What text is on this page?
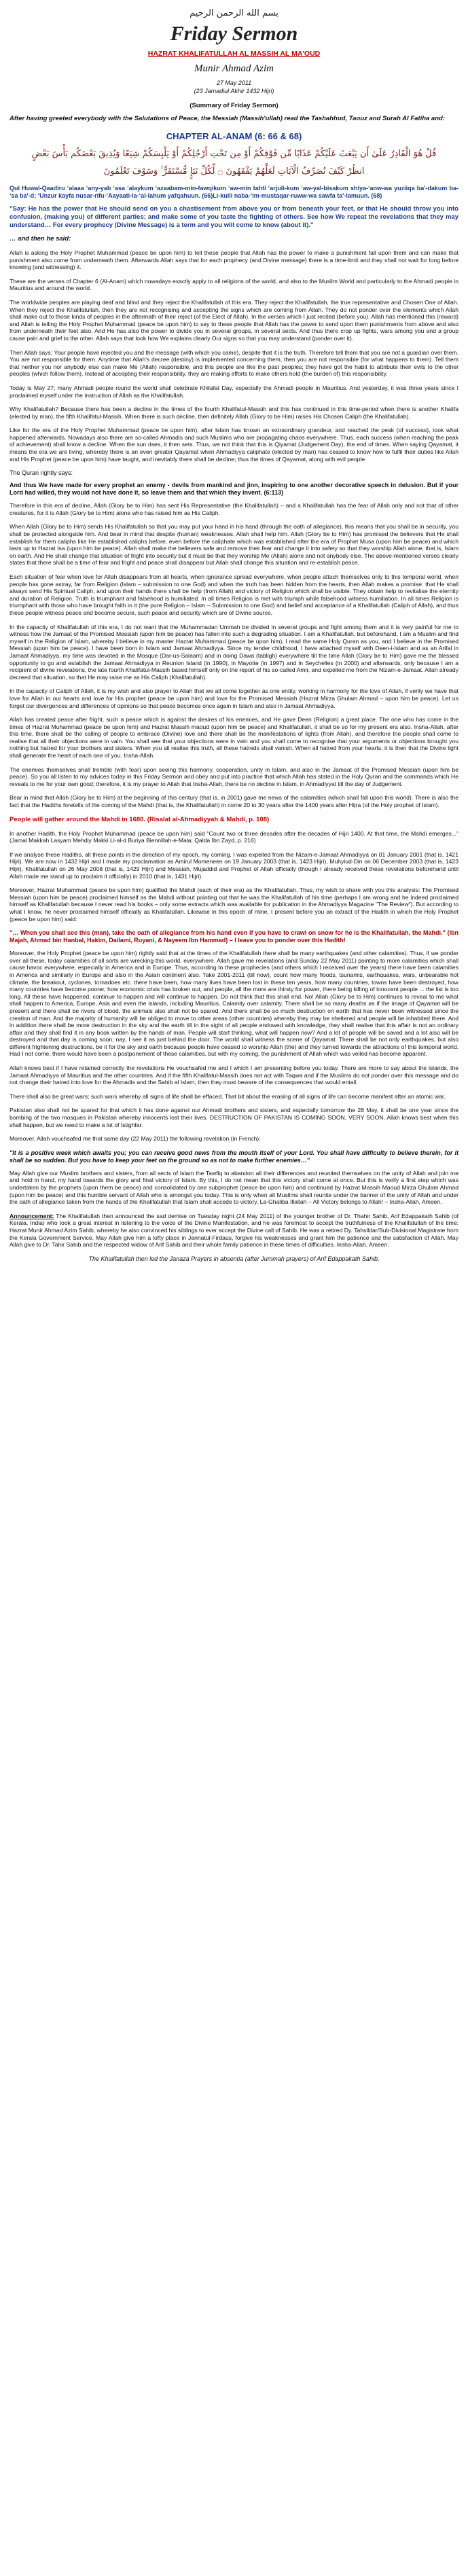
بسم الله الرحمن الرحيم
Friday Sermon
HAZRAT KHALIFATULLAH AL MASSIH AL MA'OUD
Munir Ahmad Azim
27 May 2011
(23 Jamadiul Akhir 1432 Hijri)
(Summary of Friday Sermon)
After having greeted everybody with the Salutations of Peace, the Messiah (Massih'ullah) read the Tashahhud, Taouz and Surah Al Fatiha and:
CHAPTER AL-ANAM (6: 66 & 68)
قُلْ هُوَ الْقَادِرُ عَلَىٰ أَن يَبْعَثَ عَلَيْكُمْ عَذَابًا مِّن فَوْقِكُمْ أَوْ مِن تَحْتِ أَرْجُلِكُمْ أَوْ يَلْبِسَكُمْ شِيَعًا وَيُذِيقَ بَعْضَكُم بَأْسَ بَعْضٍ
انظُرْ كَيْفَ نُصَرِّفُ الْآيَاتِ لَعَلَّهُمْ يَفْقَهُونَ ۝ لِّكُلِّ نَبَإٍ مُّسْتَقَرٌّ ۚ وَسَوْفَ تَعْلَمُونَ
Qul Huwal-Qaadiru ʻalaaa ʻany-yab ʻasa ʻalaykum ʻazaabam-min-fawqikum ʻaw-min tahti ʻarjuli-kum ʻaw-yal-bisakum shiya-ʻanw-wa yuziiqa ba'-dakum ba-ʻsa ba'-d; ʻUnzur kayfa nusar-rifu-ʻAayaati-la-ʻal-lahum yafqahuun. (66)Li-kulli naba-ʻim-mustaqar-ruww-wa sawfa ta'-lamuun. (68)
"Say: He has the power that He should send on you a chastisement from above you or from beneath your feet, or that He should throw you into confusion, (making you) of different parties; and make some of you taste the fighting of others. See how We repeat the revelations that they may understand… For every prophecy (Divine Message) is a term and you will come to know (about it)."
… and then he said:

Allah is asking the Holy Prophet Muhammad (peace be upon him) to tell these people that Allah has the power to make a punishment fall upon them and can make that punishment also come from underneath them. Afterwards Allah says that for each prophecy (and Divine message) there is a time-limit and they shall not wait for long before knowing (and witnessing) it.

These are the verses of Chapter 6 (Al-Anam) which nowadays exactly apply to all religions of the world, and also to the Muslim World and particularly to the Ahmadi people in Mauritius and around the world.

The worldwide peoples are playing deaf and blind and they reject the Khalifatullah of this era. They reject the Khalifatullah, the true representative and Chosen One of Allah. When they reject the Khalifatullah, then they are not recognising and accepting the signs which are coming from Allah. They do not ponder over the elements which Allah shall make out to those kinds of peoples in the aftermath of their reject (of the Elect of Allah). In the verses which I just recited (before you), Allah has mentioned this (reward) and Allah is telling the Holy Prophet Muhammad (peace be upon him) to say to these people that Allah has the power to send upon them punishments from above and also from underneath their feet also. And He has also the power to divide you in several groups, in several sects. And thus there crop up fights, wars among you and a group cause pain and grief to the other. Allah says that look how We explains clearly Our signs so that you may understand (ponder over it).

Then Allah says: Your people have rejected you and the message (with which you came), despite that it is the truth. Therefore tell them that you are not a guardian over them. You are not responsible for them. Anytime that Allah's decree (destiny) is implemented concerning them, then you are not responsible (for what happens to them). Tell them that neither you nor anybody else can make Me (Allah) responsible; and this people are like the past peoples; they have got the habit to attribute their evils to the other peoples (which follow them). Instead of accepting their responsibility, they are making efforts to make others hold (the burden of) this responsibility.

Today is May 27; many Ahmadi people round the world shall celebrate Khilafat Day, especially the Ahmadi people in Mauritius. And yesterday, it was three years since I proclaimed myself under the instruction of Allah as the Khalifatullah.

Why Khalifatullah? Because there has been a decline in the times of the fourth Khalifatul-Massih and this has continued in this time-period when there is another Khalifa (elected by man), the fifth Khalifatul-Massih. When there is such decline, then definitely Allah (Glory to be Him) raises His Chosen Caliph (the Khalifatullah).

Like for the era of the Holy Prophet Muhammad (peace be upon him), after Islam has known an extraordinary grandeur, and reached the peak (of success), took what happened afterwards. Nowadays also there are so-called Ahmadis and such Muslims who are propagating chaos everywhere. Thus, each success (when reaching the peak of achievement) shall know a decline. When the sun rises, it then sets. Thus, we not think that this is Qiyamat (Judgement Day), the end of times. When saying Qayamat, it means the era we are living, whereby there is an even greater Qayamat when Ahmadiyya caliphate (elected by man) has ceased to know how to fulfil their duties like Allah and His Prophet (peace be upon him) have taught, and inevitably there shall be decline; thus the times of Qayamat, along with evil people.

The Quran rightly says:
And thus We have made for every prophet an enemy - devils from mankind and jinn, inspiring to one another decorative speech in delusion. But if your Lord had willed, they would not have done it, so leave them and that which they invent. (6:113)

Therefore in this era of decline, Allah (Glory be to Him) has sent His Representative (the Khalifatullah) – and a Khalifatullah has the fear of Allah only and not that of other creatures, for it is Allah (Glory be to Him) alone who has raised him as His Caliph.

When Allah (Glory be to Him) sends His Khalifatullah so that you may put your hand in his hand (through the oath of allegiance), this means that you shall be in security, you shall be protected alongside him. And bear in mind that despite (human) weaknesses, Allah shall help him. Allah (Glory be to Him) has promised the believers that He shall establish for them caliphs like He established caliphs before, even before the caliphate which was established after the era of Prophet Musa (upon him be peace) and which lasts up to Hazrat Isa (upon him be peace). Allah shall make the believers safe and remove their fear and change it into safety so that they worship Allah alone, that is, Islam on earth. And He shall change that situation of fright into security but it must be that they worship Me (Allah) alone and not anybody else. The above-mentioned verses clearly states that there shall be a time of fear and fright and peace shall disappear but Allah shall change this situation and re-establish peace.

Each situation of fear when love for Allah disappears from all hearts, when ignorance spread everywhere, when people attach themselves only to this temporal world, when people has gone astray, far from Religion (Islam – submission to one God) and when the truth has been hidden from the hearts, then Allah makes a promise: that He shall always send His Spiritual Caliph, and upon their hands there shall be help (from Allah) and victory of Religion which shall be visible. They obtain help to revitalise the eternity and duration of Religion. Truth is triumphant and falsehood is humiliated. In all times Religion is met with triumph while falsehood witness humiliation. In all times Religion is triumphant with those who have brought faith in it (the pure Religion – Islam – Submission to one God) and belief and acceptance of a Khalifatullah (Caliph of Allah), and thus these people witness peace and become secure, such peace and security which are of Divine source.

In the capacity of Khalifatullah of this era, I do not want that the Muhammadan Ummah be divided in several groups and fight among them and it is very painful for me to witness how the Jamaat of the Promised Messiah (upon him be peace) has fallen into such a degrading situation. I am a Khalifatullah, but beforehand, I am a Muslim and find myself in the Religion of Islam, whereby I believe in my master Hazrat Muhammad (peace be upon him), I read the same Holy Quran as you, and I believe in the Promised Messiah (upon him be peace). I have been born in Islam and Jamaat Ahmadiyya. Since my tender childhood, I have attached myself with Deen-i-Islam and as an Arifal in Jamaat Ahmadiyya, my time was devoted in the Mosque (Dar-us-Salaam) and in doing Dawa (tabligh) everywhere till the time Allah (Glory be to Him) gave me the blessed opportunity to go and establish the Jamaat Ahmadiyya in Reunion Island (in 1990), in Mayotte (in 1997) and in Seychelles (in 2000) and afterwards, only because I am a recipient of divine revelations, the late fourth Khalifatul-Massih based himself only on the report of his so-called Amir, and expelled me from the Nizam-e-Jamaat. Allah already decreed that situation, so that He may raise me as His Caliph (Khalifatullah).

In the capacity of Caliph of Allah, it is my wish and also prayer to Allah that we all come together as one entity, working in harmony for the love of Allah, if verily we have that love for Allah in our hearts and love for His prophet (peace be upon him) and love for the Promised Messiah (Hazrat Mirza Ghulam Ahmad – upon him be peace). Let us forget our divergences and differences of opinions so that peace becomes once again in Islam and also in Jamaat Ahmadiyya.

Allah has created peace after fright, such a peace which is against the desires of his enemies, and He gave Deen (Religion) a great place. The one who has come in the times of Hazrat Muhammad (peace be upon him) and Hazrat Massih maoud (upon him be peace) and Khalifatullah, it shall be so for my present era also. Insha-Allah, after this time, there shall be the calling of people to embrace (Divine) love and there shall be the manifestations of lights (from Allah), and therefore the people shall come to realise that all their objections were in vain. You shall see that your objections were in vain and you shall come to recognise that your arguments or objections brought you nothing but hatred for your brothers and sisters. When you all realise this truth, all these hatreds shall vanish. When all hatred from your hearts, it is then that the Divine light shall generate the heart of each one of you. Insha-Allah.

The enemies themselves shall tremble (with fear) upon seeing this harmony, cooperation, unity in Islam, and also in the Jamaat of the Promised Messiah (upon him be peace). So you all listen to my advices today in this Friday Sermon and obey and put into practice that which Allah has stated in the Holy Quran and the commands which He reveals to me for your own good; therefore, it is my prayer to Allah that Insha-Allah, there be no decline in Islam, in Ahmadiyyat till the day of Judgement.

Bear in mind that Allah (Glory be to Him) at the beginning of this century (that is, in 2001) gave me news of the calamities (which shall fall upon this world). There is also the fact that the Hadiths foretells of the coming of the Mahdi (that is, the Khalifatullah) in come 20 to 30 years after the 1400 years after Hijra (of the Holy prophet of Islam).

People will gather around the Mahdi in 1680. (Risalat al-Ahmadiyyah & Mahdi, p. 108)

In another Hadith, the Holy Prophet Muhammad (peace be upon him) said "Count two or three decades after the decades of Hijri 1400. At that time, the Mahdi emerges..." (Jamal Makkah Lasyam Mehdiy Makki Li-al-d Buriya Biennillah-e-Mala; Qalda Ibn Zayd, p. 216)

If we analyse these Hadiths, all these points in the direction of my epoch, my coming. I was expelled from the Nizam-e-Jamaat Ahmadiyya on 01 January 2001 (that is, 1421 Hijri). We are now in 1432 Hijri and I made my proclamation as Amirul Momeneen on 19 January 2003 (that is, 1423 Hijri), Muhyiud-Din on 06 December 2003 (that is, 1423 Hijri), Khalifatullah on 26 May 2008 (that is, 1429 Hijri) and Messiah, Mujaddid and Prophet of Allah officially (though I already received these revelations beforehand until Allah made me stand up to proclaim it officially) in 2010 (that is, 1431 Hijri).

Moreover, Hazrat Muhammad (peace be upon him) qualified the Mahdi (each of their era) as the Khalifatullah. Thus, my wish to share with you this analysis: The Promised Messiah (upon him be peace) proclaimed himself as the Mahdi without pointing out that he was the Khalifatullah of his time (perhaps I am wrong and he indeed proclaimed himself as Khalifatullah because I never read his books – only some extracts which was available for publication in the Ahmadiyya Magazine "The Review"). But according to what I know, he never proclaimed himself officially as Khalifatullah. Likewise in this epoch of mine, I present before you an extract of the Hadith in which the Holy Prophet (peace be upon him) said:

"… When you shall see this (man), take the oath of allegiance from his hand even if you have to crawl on snow for he is the Khalifatullah, the Mahdi." (Ibn Majah, Ahmad bin Hanbal, Hakim, Dailami, Ruyani, & Nayeem Ibn Hammad) – I leave you to ponder over this Hadith!

Moreover, the Holy Prophet (peace be upon him) rightly said that at the times of the Khalifatullah there shall be many earthquakes (and other calamities). Thus, if we ponder over all these, today calamities of all sorts are wrecking this world, everywhere. Allah gave me revelations (and Sunday 22 May 2011) pointing to more calamities which shall cause havoc everywhere, especially in America and in Europe. Thus, according to these prophecies (and others which I received over the years) there have been calamities in America and similarly in Europe and also in the Asian continent also. Take 2001-2011 (till now), count how many floods, tsunamis, earthquakes, wars, unbearable hot climate, the breakout, cyclones, tornadoes etc. there have been, how many lives have been lost in these ten years, how many countries, towns have been destroyed, how many countries have become poorer, how economic crisis has broken out, and people, all the more are thirsty for power, there being killing of innocent people ... the list is too long. All these have happened, continue to happen and will continue to happen. Do not think that this shall end. No! Allah (Glory be to Him) continues to reveal to me what shall happen to America, Europe, Asia and even the islands, including Mauritius. Calamity over calamity. There shall be so many deaths as if the image of Qayamat will be present and there shall be rivers of blood, the animals also shall not be spared. And there shall be so much destruction on earth that has never been witnessed since the creation of man. And the majority of humanity will be obliged to move to other areas (other countries) whereby they may be sheltered and people will be inhabited there. And in addition there shall be more destruction in the sky and the earth till in the sight of all people endowed with knowledge, they shall realise that this affair is not an ordinary affair and they shall find it in any book written by the hands of man. People will start thinking, what will happen now? And a lot of people will be saved and a lot also will be destroyed and that day is coming soon; nay, I see it as just behind the door. The world shall witness the scene of Qayamat. There shall be not only earthquakes, but also different frightening destructions, be it for the sky and earth because people have ceased to worship Allah (the) and they turned towards the attractions of this temporal world. Had I not come, there would have been a postponement of these calamities, but with my coming, the punishment of Allah which was veiled has become apparent.

Allah knows best if I have retained correctly the revelations He vouchsafed me and I which I am presenting before you today. There are more to say about the islands, the Jamaat Ahmadiyya of Mauritius and the other countries. And if the fifth Khalifatul-Massih does not act with Taqwa and if the Muslims do not ponder over this message and do not change their hatred into love for the Ahmadis and the Sahib al Islam, then they must beware of the consequences that would entail.

There shall also be great wars; such wars whereby all signs of life shall be effaced. That bit about the erasing of all signs of life can become manifest after an atomic war.

Pakistan also shall not be spared for that which it has done against our Ahmadi brothers and sisters, and especially tomorrow the 28 May, it shall be one year since the bombing of the two mosques in Pakistan whereby innocents lost their lives. DESTRUCTION OF PAKISTAN IS COMING SOON, VERY SOON. Allah knows best when this shall happen, but we need to make a lot of Istighfar.

Moreover, Allah vouchsafed me that same day (22 May 2011) the following revelation (in French):

"It is a positive week which awaits you; you can receive good news from the mouth itself of your Lord. You shall have difficulty to believe therein, for it shall be so sudden. But you have to keep your feet on the ground so as not to make further enemies…"

May Allah give our Muslim brothers and sisters, from all sects of Islam the Tawfiq to abandon all their differences and reunited themselves on the unity of Allah and join me and hold in hand, my hand towards the glory and final victory of Islam. By this, I do not mean that this victory shall come at once. But this is verily a first step which was undertaken by the prophets (upon them be peace) and consolidated by one subprophet (peace be upon him) and continued by Hazrat Massih Maoud Mirza Ghulam Ahmad (upon him be peace) and this humble servant of Allah who is amongst you today. This is only when all Muslims shall reunite under the banner of the unity of Allah and under the oath of allegiance taken from the hands of the Khalifatullah that Islam shall accede to victory. La-Ghaliba Illallah – All Victory belongs to Allah! – Insha-Allah, Ameen.

Announcement: The Khalifatullah then announced the sad demise on Tuesday night (24 May 2011) of the younger brother of Dr. Thahir Sahib, Arif Edappakath Sahib (of Kerala, India) who took a great interest in listening to the voice of the Divine Manifestation, and he was foremost to accept the truthfulness of the Khalifatullah of the time: Hazrat Munir Ahmad Azim Sahib, whereby he also convinced his siblings to ever accept the Divine call of Sahib. He was a retired Dy. Tahsildar/Sub-Divisional Magistrate from the Kerala Government Service. May Allah give him a lofty place in Jannatul-Firdaus, forgive his weaknesses and grant him the patience and the satisfaction of Allah. May Allah give to Dr. Tahir Sahib and the respected widow of Arif Sahib and their whole family patience in these times of difficulties. Insha-Allah, Ameen.

The Khalifatullah then led the Janaza Prayers in absentia (after Jummah prayers) of Arif Edappakath Sahib.
